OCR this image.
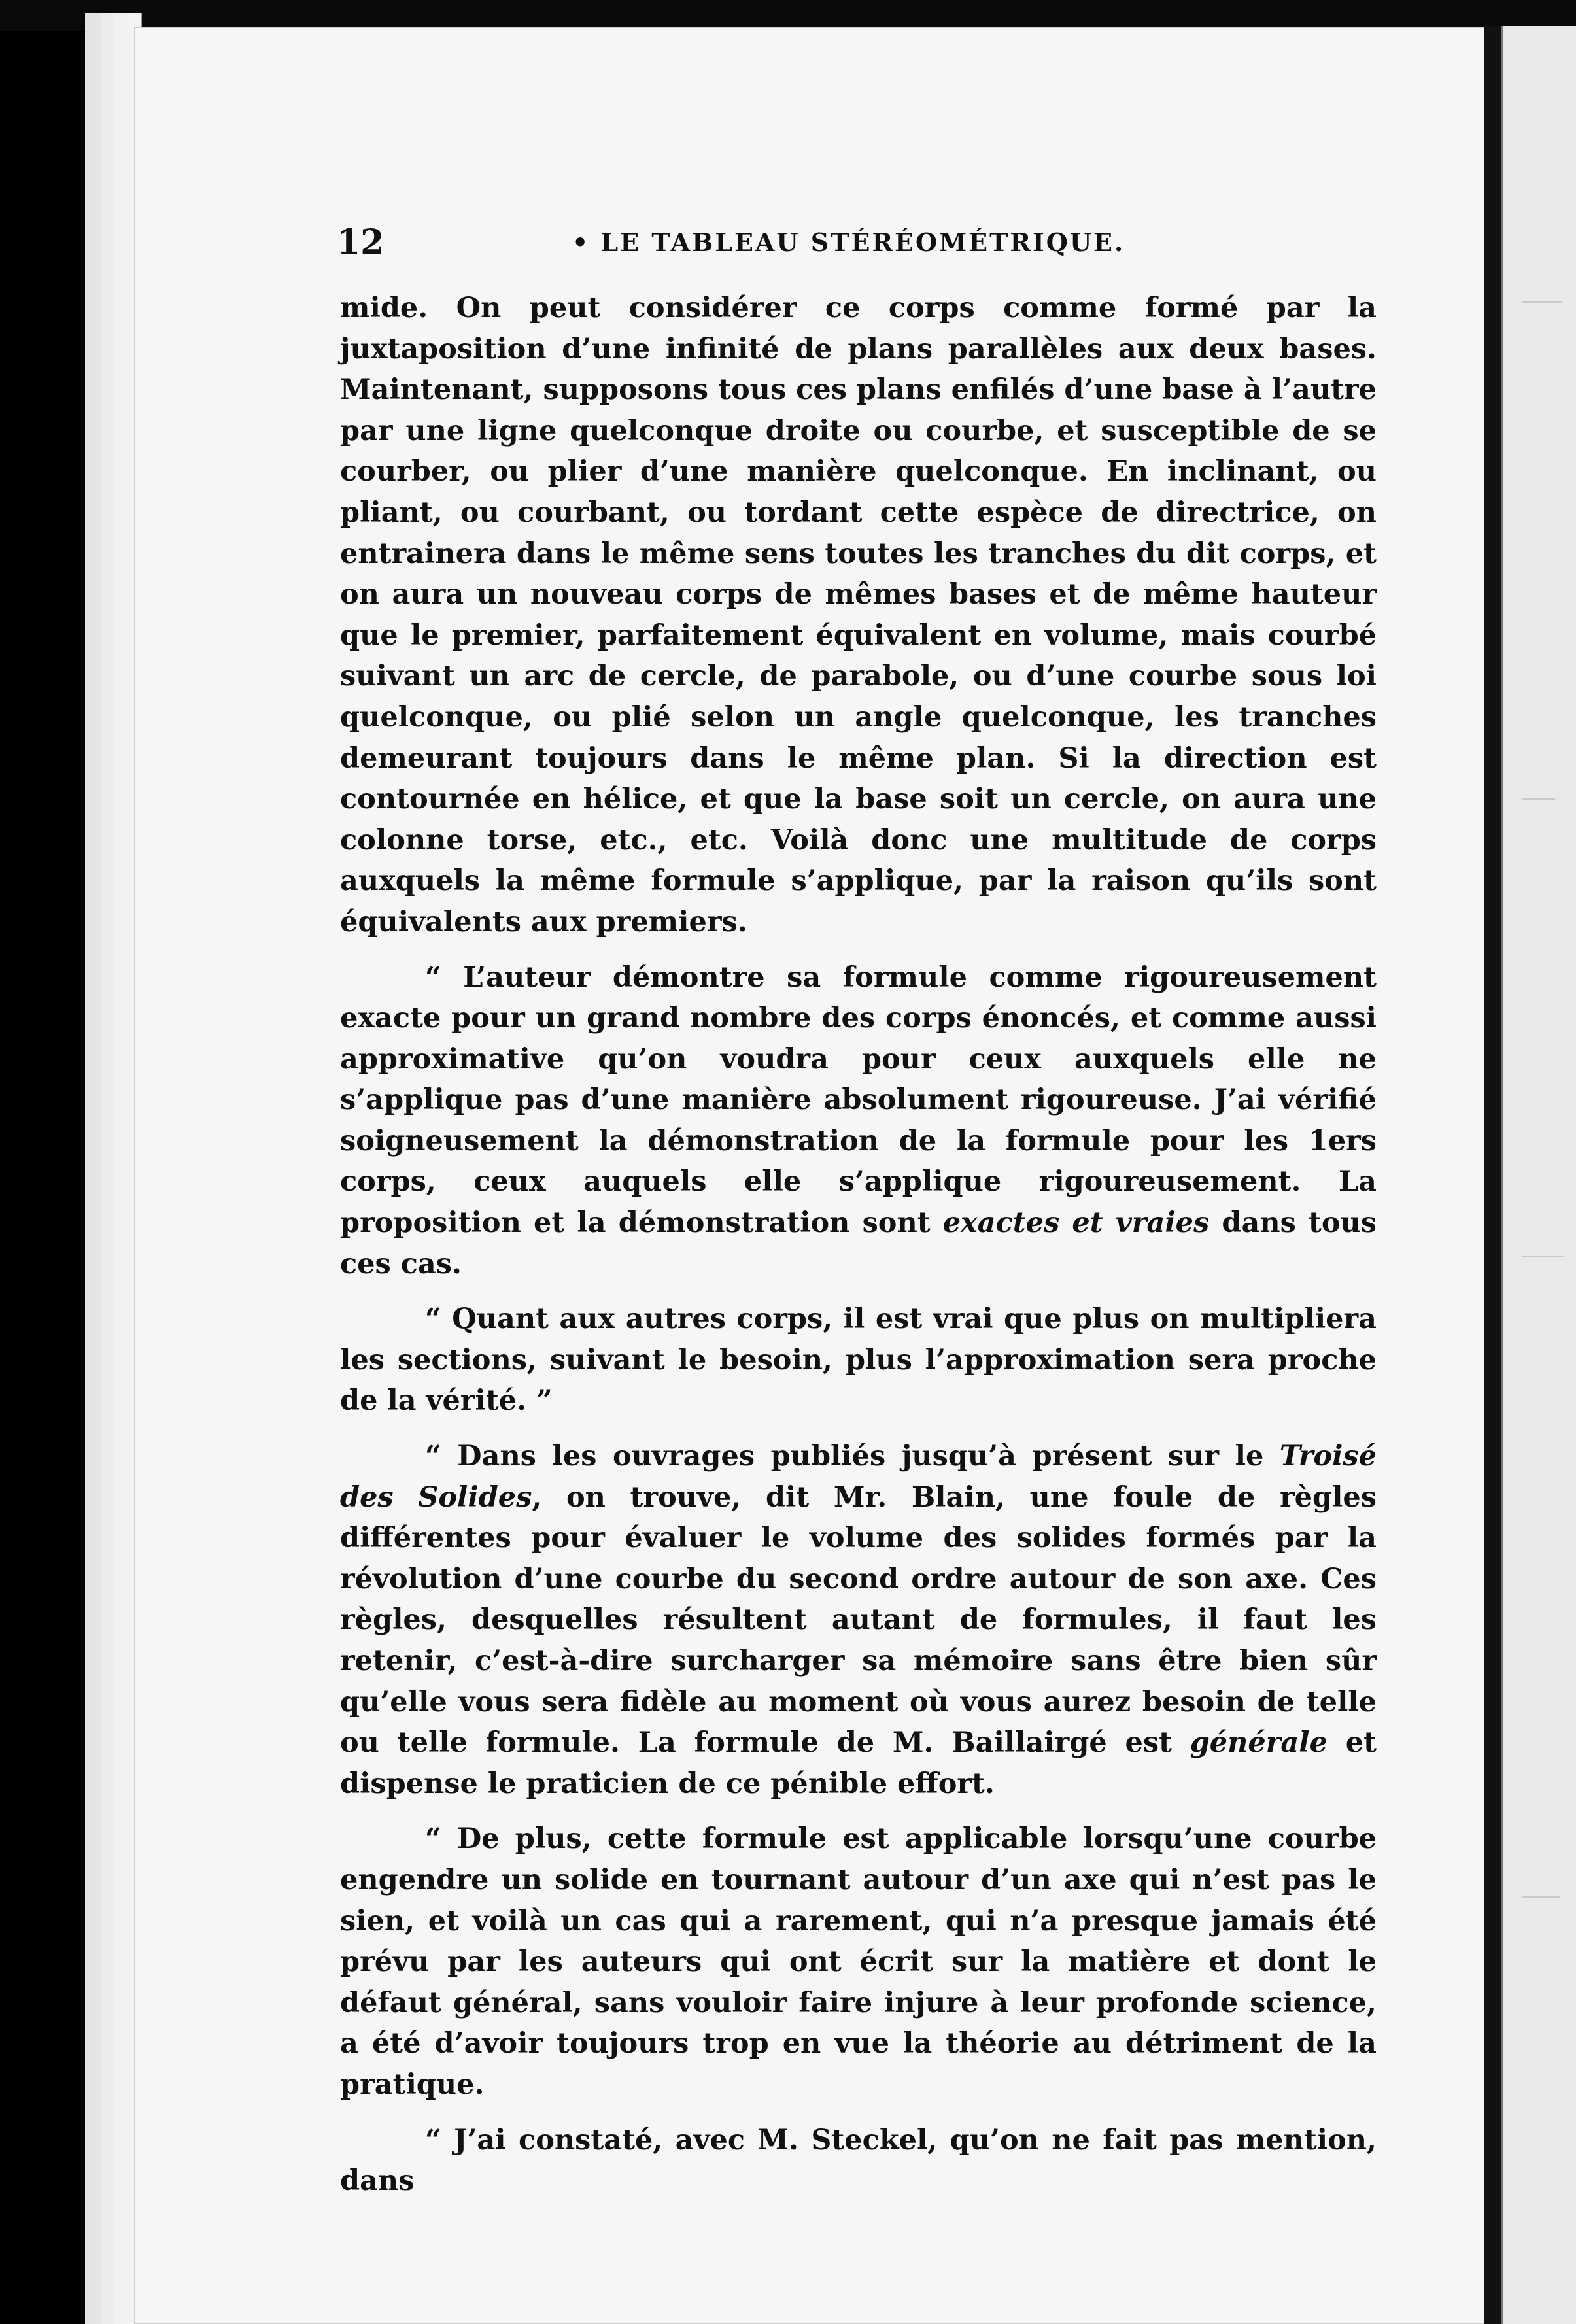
12	• LE TABLEAU STÉRÉOMÉTRIQUE.

mide. On peut considérer ce corps comme formé par la juxtaposition d’une infinité de plans parallèles aux deux bases. Maintenant, supposons tous ces plans enfilés d’une base à l’autre par une ligne quelconque droite ou courbe, et susceptible de se courber, ou plier d’une manière quelconque. En inclinant, ou pliant, ou courbant, ou tordant cette espèce de directrice, on entrainera dans le même sens toutes les tranches du dit corps, et on aura un nouveau corps de mêmes bases et de même hauteur que le premier, parfaitement équivalent en volume, mais courbé suivant un arc de cercle, de parabole, ou d’une courbe sous loi quelconque, ou plié selon un angle quelconque, les tranches demeurant toujours dans le même plan. Si la direction est contournée en hélice, et que la base soit un cercle, on aura une colonne torse, etc., etc. Voilà donc une multitude de corps auxquels la même formule s’applique, par la raison qu’ils sont équivalents aux premiers.

“ L’auteur démontre sa formule comme rigoureusement exacte pour un grand nombre des corps énoncés, et comme aussi approximative qu’on voudra pour ceux auxquels elle ne s’applique pas d’une manière absolument rigoureuse. J’ai vérifié soigneusement la démonstration de la formule pour les 1ers corps, ceux auquels elle s’applique rigoureusement. La proposition et la démonstration sont exactes et vraies dans tous ces cas.

“ Quant aux autres corps, il est vrai que plus on multipliera les sections, suivant le besoin, plus l’approximation sera proche de la vérité. ”

“ Dans les ouvrages publiés jusqu’à présent sur le Troisé des Solides, on trouve, dit Mr. Blain, une foule de règles différentes pour évaluer le volume des solides formés par la révolution d’une courbe du second ordre autour de son axe. Ces règles, desquelles résultent autant de formules, il faut les retenir, c’est-à-dire surcharger sa mémoire sans être bien sûr qu’elle vous sera fidèle au moment où vous aurez besoin de telle ou telle formule. La formule de M. Baillairgé est générale et dispense le praticien de ce pénible effort.

“ De plus, cette formule est applicable lorsqu’une courbe engendre un solide en tournant autour d’un axe qui n’est pas le sien, et voilà un cas qui a rarement, qui n’a presque jamais été prévu par les auteurs qui ont écrit sur la matière et dont le défaut général, sans vouloir faire injure à leur profonde science, a été d’avoir toujours trop en vue la théorie au détriment de la pratique.

“ J’ai constaté, avec M. Steckel, qu’on ne fait pas mention, dans
